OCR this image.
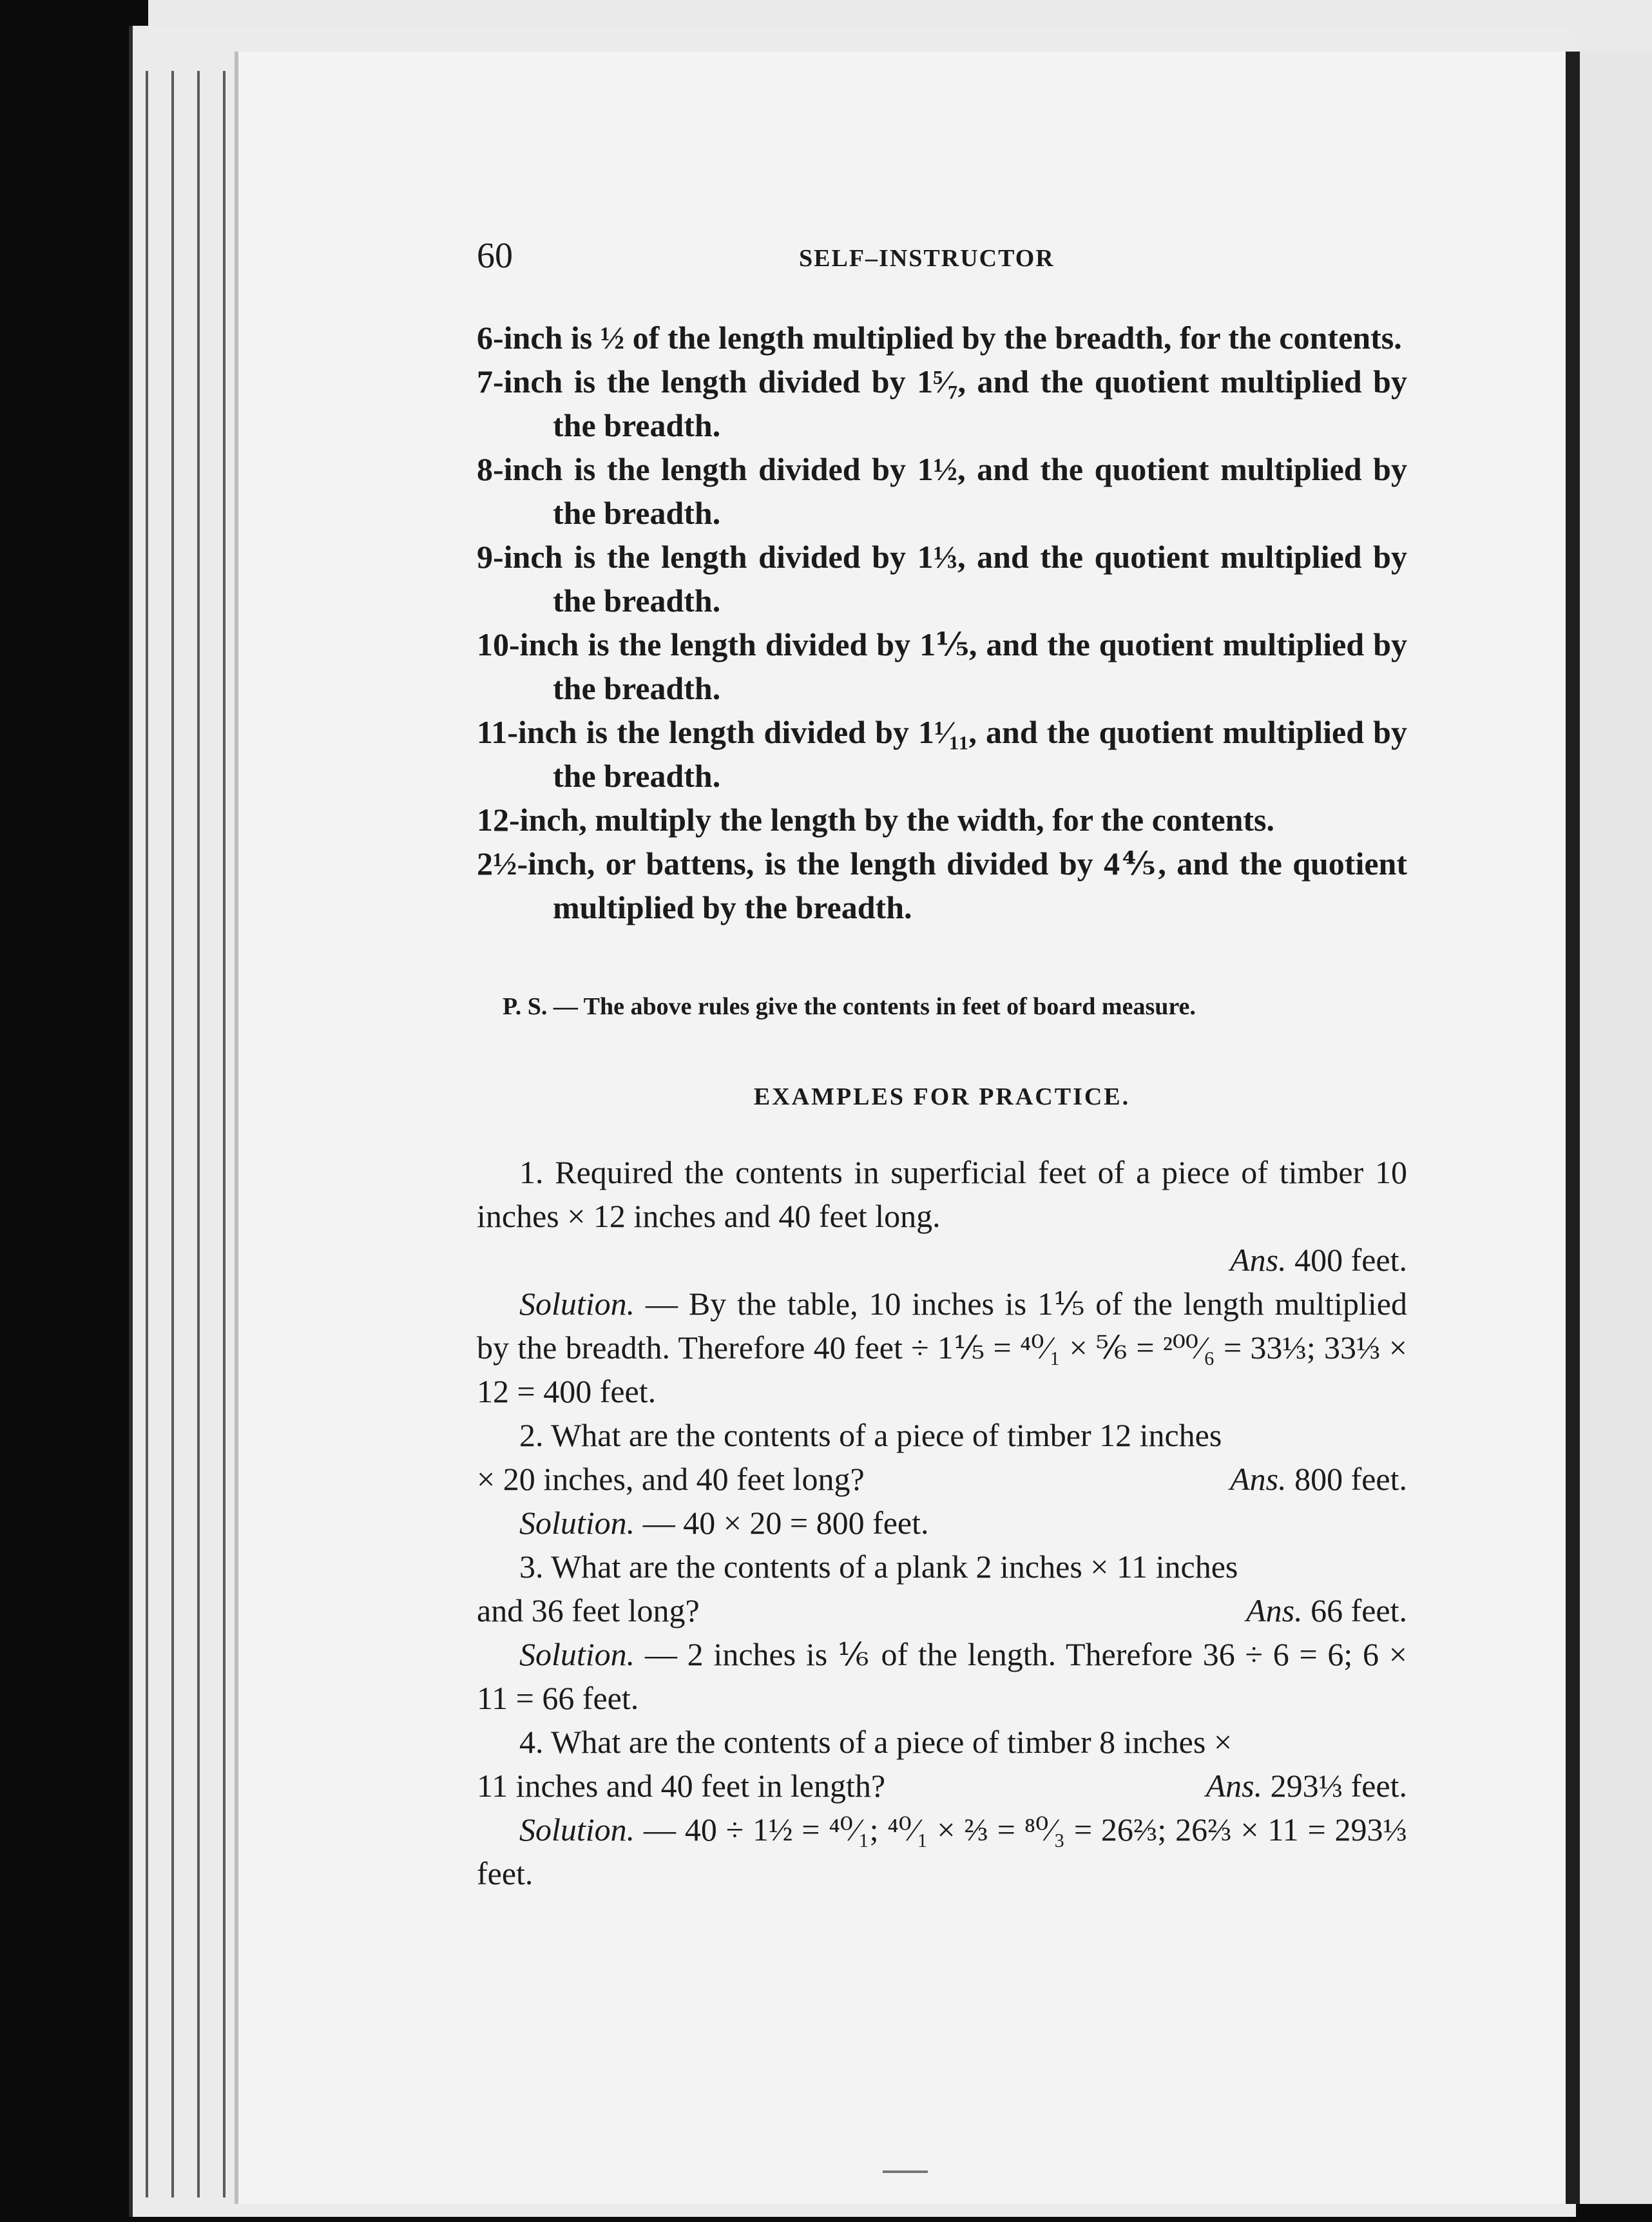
60	SELF–INSTRUCTOR

6-inch is ½ of the length multiplied by the breadth, for the contents.

7-inch is the length divided by 1⁵⁄₇, and the quotient multiplied by the breadth.

8-inch is the length divided by 1½, and the quotient multiplied by the breadth.

9-inch is the length divided by 1⅓, and the quotient multiplied by the breadth.

10-inch is the length divided by 1⅕, and the quotient multiplied by the breadth.

11-inch is the length divided by 1¹⁄₁₁, and the quotient multiplied by the breadth.

12-inch, multiply the length by the width, for the contents.

2½-inch, or battens, is the length divided by 4⅘, and the quotient multiplied by the breadth.

P. S. — The above rules give the contents in feet of board measure.
EXAMPLES FOR PRACTICE.

1. Required the contents in superficial feet of a piece of timber 10 inches × 12 inches and 40 feet long.

Ans. 400 feet.

Solution. — By the table, 10 inches is 1⅕ of the length multiplied by the breadth. Therefore 40 feet ÷ 1⅕ = ⁴⁰⁄₁ × ⅚ = ²⁰⁰⁄₆ = 33⅓; 33⅓ × 12 = 400 feet.

2. What are the contents of a piece of timber 12 inches

× 20 inches, and 40 feet long?	Ans. 800 feet.

Solution. — 40 × 20 = 800 feet.

3. What are the contents of a plank 2 inches × 11 inches

and 36 feet long?	Ans. 66 feet.

Solution. — 2 inches is ⅙ of the length. Therefore 36 ÷ 6 = 6; 6 × 11 = 66 feet.

4. What are the contents of a piece of timber 8 inches ×

11 inches and 40 feet in length?	Ans. 293⅓ feet.

Solution. — 40 ÷ 1½ = ⁴⁰⁄₁; ⁴⁰⁄₁ × ⅔ = ⁸⁰⁄₃ = 26⅔; 26⅔ × 11 = 293⅓ feet.
